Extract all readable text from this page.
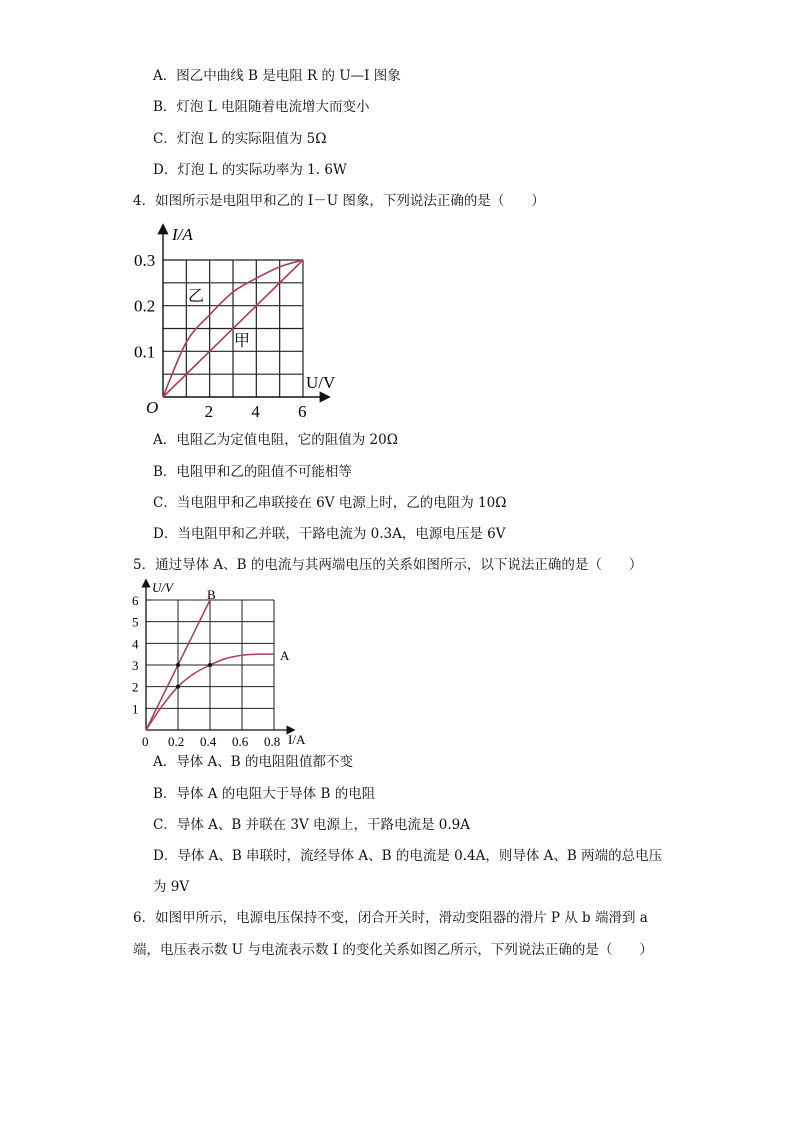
A．图乙中曲线 B 是电阻 R 的 U—I 图象
B．灯泡 L 电阻随着电流增大而变小
C．灯泡 L 的实际阻值为 5Ω
D．灯泡 L 的实际功率为 1. 6W
4．如图所示是电阻甲和乙的 I－U 图象，下列说法正确的是（　　）
I/A
U/V
O
乙
甲
2 4 6
0.1
0.2
0.3
A．电阻乙为定值电阻，它的阻值为 20Ω
B．电阻甲和乙的阻值不可能相等
C．当电阻甲和乙串联接在 6V 电源上时，乙的电阻为 10Ω
D．当电阻甲和乙并联，干路电流为 0.3A，电源电压是 6V
5．通过导体 A、B 的电流与其两端电压的关系如图所示，以下说法正确的是（　　）
U/V
I/A
B
A
0 0.2 0.4 0.6 0.8
1
2
3
4
5
6
A．导体 A、B 的电阻阻值都不变
B．导体 A 的电阻大于导体 B 的电阻
C．导体 A、B 并联在 3V 电源上，干路电流是 0.9A
D．导体 A、B 串联时，流经导体 A、B 的电流是 0.4A，则导体 A、B 两端的总电压
为 9V
6．如图甲所示，电源电压保持不变，闭合开关时，滑动变阻器的滑片 P 从 b 端滑到 a
端，电压表示数 U 与电流表示数 I 的变化关系如图乙所示，下列说法正确的是（　　）
